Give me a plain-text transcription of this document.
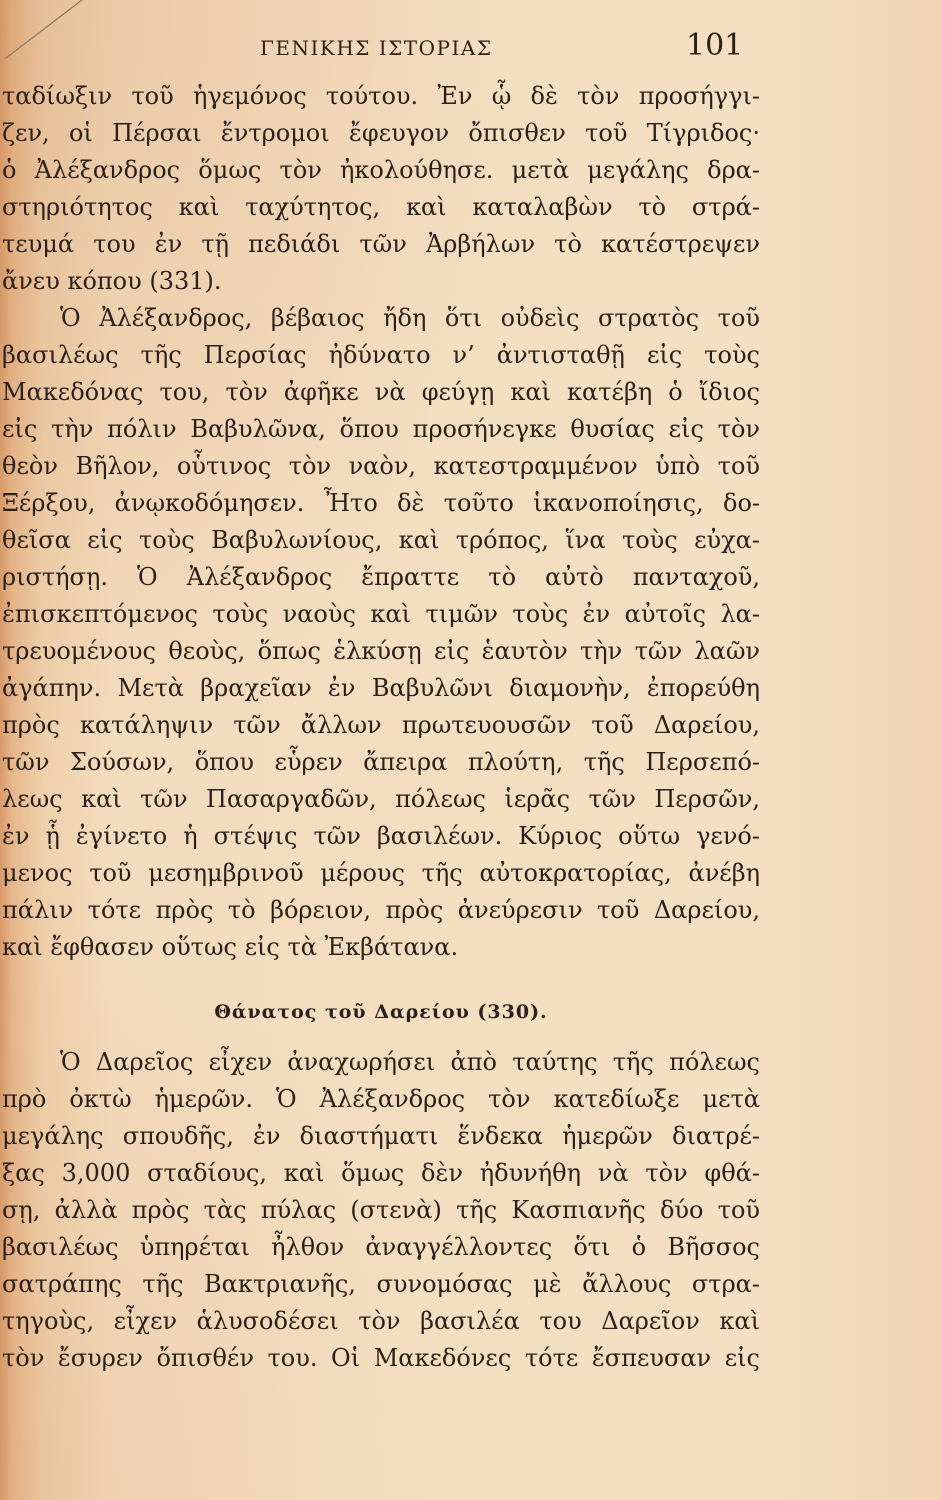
ΓΕΝΙΚΗΣ ΙΣΤΟΡΙΑΣ	101
ταδίωξιν τοῦ ἡγεμόνος τούτου. Ἐν ᾧ δὲ τὸν προσήγγι-
ζεν, οἱ Πέρσαι ἔντρομοι ἔφευγον ὄπισθεν τοῦ Τίγριδος·
ὁ Ἀλέξανδρος ὅμως τὸν ἠκολούθησε. μετὰ μεγάλης δρα-
στηριότητος καὶ ταχύτητος, καὶ καταλαβὼν τὸ στρά-
τευμά του ἐν τῇ πεδιάδι τῶν Ἀρβήλων τὸ κατέστρεψεν
ἄνευ κόπου (331).
Ὁ Ἀλέξανδρος, βέβαιος ἤδη ὅτι οὐδεὶς στρατὸς τοῦ
βασιλέως τῆς Περσίας ἠδύνατο ν’ ἀντισταθῇ εἰς τοὺς
Μακεδόνας του, τὸν ἀφῆκε νὰ φεύγῃ καὶ κατέβη ὁ ἴδιος
εἰς τὴν πόλιν Βαβυλῶνα, ὅπου προσήνεγκε θυσίας εἰς τὸν
θεὸν Βῆλον, οὗτινος τὸν ναὸν, κατεστραμμένον ὑπὸ τοῦ
Ξέρξου, ἀνῳκοδόμησεν. Ἦτο δὲ τοῦτο ἱκανοποίησις, δο-
θεῖσα εἰς τοὺς Βαβυλωνίους, καὶ τρόπος, ἵνα τοὺς εὐχα-
ριστήσῃ. Ὁ Ἀλέξανδρος ἔπραττε τὸ αὐτὸ πανταχοῦ,
ἐπισκεπτόμενος τοὺς ναοὺς καὶ τιμῶν τοὺς ἐν αὐτοῖς λα-
τρευομένους θεοὺς, ὅπως ἑλκύσῃ εἰς ἑαυτὸν τὴν τῶν λαῶν
ἀγάπην. Μετὰ βραχεῖαν ἐν Βαβυλῶνι διαμονὴν, ἐπορεύθη
πρὸς κατάληψιν τῶν ἄλλων πρωτευουσῶν τοῦ Δαρείου,
τῶν Σούσων, ὅπου εὗρεν ἄπειρα πλούτη, τῆς Περσεπό-
λεως καὶ τῶν Πασαργαδῶν, πόλεως ἱερᾶς τῶν Περσῶν,
ἐν ᾗ ἐγίνετο ἡ στέψις τῶν βασιλέων. Κύριος οὕτω γενό-
μενος τοῦ μεσημβρινοῦ μέρους τῆς αὐτοκρατορίας, ἀνέβη
πάλιν τότε πρὸς τὸ βόρειον, πρὸς ἀνεύρεσιν τοῦ Δαρείου,
καὶ ἔφθασεν οὕτως εἰς τὰ Ἐκβάτανα.
Θάνατος τοῦ Δαρείου (330).
Ὁ Δαρεῖος εἶχεν ἀναχωρήσει ἀπὸ ταύτης τῆς πόλεως
πρὸ ὀκτὼ ἡμερῶν. Ὁ Ἀλέξανδρος τὸν κατεδίωξε μετὰ
μεγάλης σπουδῆς, ἐν διαστήματι ἕνδεκα ἡμερῶν διατρέ-
ξας 3,000 σταδίους, καὶ ὅμως δὲν ἠδυνήθη νὰ τὸν φθά-
σῃ, ἀλλὰ πρὸς τὰς πύλας (στενὰ) τῆς Κασπιανῆς δύο τοῦ
βασιλέως ὑπηρέται ἦλθον ἀναγγέλλοντες ὅτι ὁ Βῆσσος
σατράπης τῆς Βακτριανῆς, συνομόσας μὲ ἄλλους στρα-
τηγοὺς, εἶχεν ἁλυσοδέσει τὸν βασιλέα του Δαρεῖον καὶ
τὸν ἔσυρεν ὄπισθέν του. Οἱ Μακεδόνες τότε ἔσπευσαν εἰς
